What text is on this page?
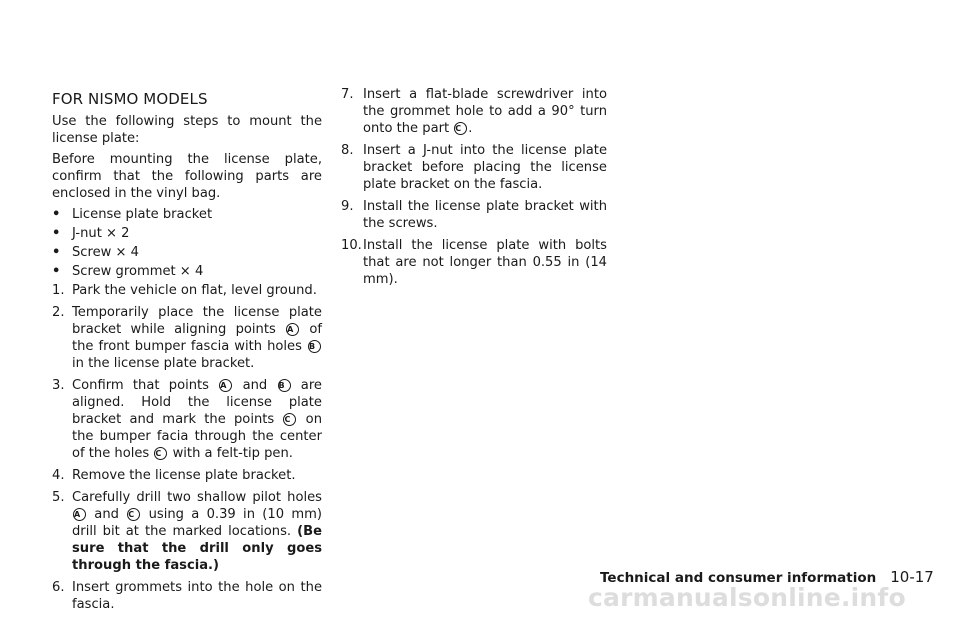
FOR NISMO MODELS

Use the following steps to mount the license plate:

Before mounting the license plate, confirm that the following parts are enclosed in the vinyl bag.

• License plate bracket
• J-nut × 2
• Screw × 4
• Screw grommet × 4
1. Park the vehicle on flat, level ground.
2. Temporarily place the license plate bracket while aligning points A of the front bumper fascia with holes B in the license plate bracket.
3. Confirm that points A and B are aligned. Hold the license plate bracket and mark the points C on the bumper facia through the center of the holes C with a felt-tip pen.
4. Remove the license plate bracket.
5. Carefully drill two shallow pilot holes A and C using a 0.39 in (10 mm) drill bit at the marked locations. (Be sure that the drill only goes through the fascia.)
6. Insert grommets into the hole on the fascia.
7. Insert a flat-blade screwdriver into the grommet hole to add a 90° turn onto the part C .
8. Insert a J-nut into the license plate bracket before placing the license plate bracket on the fascia.
9. Install the license plate bracket with the screws.
10. Install the license plate with bolts that are not longer than 0.55 in (14 mm).
Technical and consumer information 10-17
carmanualsonline.info
